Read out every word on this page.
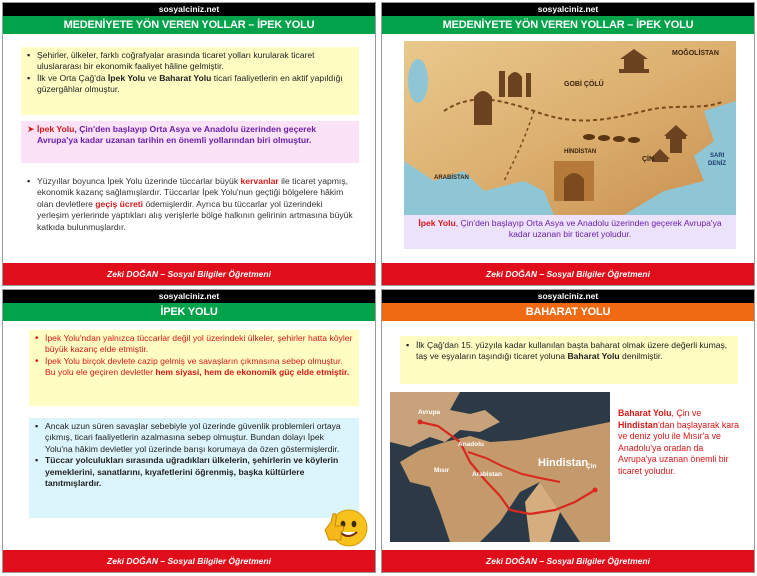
sosyalciniz.net
MEDENİYETE YÖN VEREN YOLLAR – İPEK YOLU
▪ Şehirler, ülkeler, farklı coğrafyalar arasında ticaret yolları kurularak ticaret uluslararası bir ekonomik faaliyet hâline gelmiştir.
▪ İlk ve Orta Çağ'da İpek Yolu ve Baharat Yolu ticari faaliyetlerin en aktif yapıldığı güzergâhlar olmuştur.
➤ İpek Yolu, Çin'den başlayıp Orta Asya ve Anadolu üzerinden geçerek Avrupa'ya kadar uzanan tarihin en önemli yollarından biri olmuştur.
▪ Yüzyıllar boyunca İpek Yolu üzerinde tüccarlar büyük kervanlar ile ticaret yapmış, ekonomik kazanç sağlamışlardır. Tüccarlar İpek Yolu'nun geçtiği bölgelere hâkim olan devletlere geçiş ücreti ödemişlerdir. Ayrıca bu tüccarlar yol üzerindeki yerleşim yerlerinde yaptıkları alış verişlerle bölge halkının gelirinin artmasına büyük katkıda bulunmuşlardır.
Zeki DOĞAN – Sosyal Bilgiler Öğretmeni
sosyalciniz.net
MEDENİYETE YÖN VEREN YOLLAR – İPEK YOLU
MOĞOLİSTAN
GOBİ ÇÖLÜ
ÇİN
HİNDİSTAN
ARABİSTAN
SARI
DENİZ
İpek Yolu, Çin'den başlayıp Orta Asya ve Anadolu üzerinden geçerek Avrupa'ya kadar uzanan bir ticaret yoludur.
Zeki DOĞAN – Sosyal Bilgiler Öğretmeni
sosyalciniz.net
İPEK YOLU
• İpek Yolu'ndan yalnızca tüccarlar değil yol üzerindeki ülkeler, şehirler hatta köyler büyük kazanç elde etmiştir.
• İpek Yolu birçok devlete cazip gelmiş ve savaşların çıkmasına sebep olmuştur. Bu yolu ele geçiren devletler hem siyasi, hem de ekonomik güç elde etmiştir.
▪ Ancak uzun süren savaşlar sebebiyle yol üzerinde güvenlik problemleri ortaya çıkmış, ticari faaliyetlerin azalmasına sebep olmuştur. Bundan dolayı İpek Yolu'na hâkim devletler yol üzerinde barışı korumaya da özen göstermişlerdir.
▪ Tüccar yolculukları sırasında uğradıkları ülkelerin, şehirlerin ve köylerin yemeklerini, sanatlarını, kıyafetlerini öğrenmiş, başka kültürlere tanıtmışlardır.
Zeki DOĞAN – Sosyal Bilgiler Öğretmeni
sosyalciniz.net
BAHARAT YOLU
▪ İlk Çağ'dan 15. yüzyıla kadar kullanılan başta baharat olmak üzere değerli kumaş, taş ve eşyaların taşındığı ticaret yoluna Baharat Yolu denilmiştir.
Avrupa
Anadolu
Mısır
Arabistan
Hindistan
Çin
Baharat Yolu, Çin ve Hindistan'dan başlayarak kara ve deniz yolu ile Mısır'a ve Anadolu'ya oradan da Avrupa'ya uzanan önemli bir ticaret yoludur.
Zeki DOĞAN – Sosyal Bilgiler Öğretmeni
